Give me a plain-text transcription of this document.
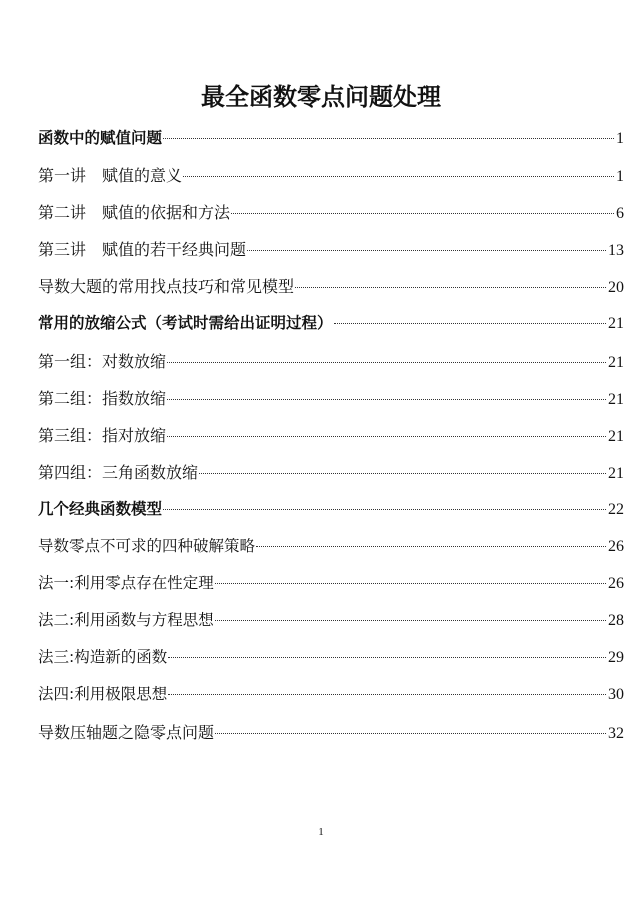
最全函数零点问题处理
函数中的赋值问题	1
第一讲　赋值的意义	1
第二讲　赋值的依据和方法	6
第三讲　赋值的若干经典问题	13
导数大题的常用找点技巧和常见模型	20
常用的放缩公式（考试时需给出证明过程）	21
第一组：对数放缩	21
第二组：指数放缩	21
第三组：指对放缩	21
第四组：三角函数放缩	21
几个经典函数模型	22
导数零点不可求的四种破解策略	26
法一:利用零点存在性定理	26
法二:利用函数与方程思想	28
法三:构造新的函数	29
法四:利用极限思想	30
导数压轴题之隐零点问题	32
1
